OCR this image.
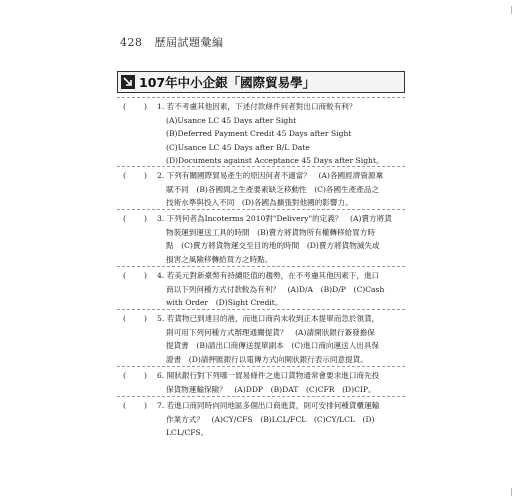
428 歷屆試題彙編
107年中小企銀「國際貿易學」
( ) 1. 若不考慮其他因素，下述付款條件何者對出口商較有利？
(A)Usance LC 45 Days after Sight
(B)Deferred Payment Credit 45 Days after Sight
(C)Usance LC 45 Days after B/L Date
(D)Documents against Acceptance 45 Days after Sight。
( ) 2. 下列有關國際貿易產生的原因何者不適當？　(A)各國經濟資源稟
賦不同　(B)各國間之生產要素缺乏移動性　(C)各國生產產品之
技術水準與投入不同　(D)各國為擴張對他國的影響力。
( ) 3. 下列何者為Incoterms 2010對"Delivery"的定義？　(A)賣方將貨
物裝運到運送工具的時間　(B)賣方將貨物所有權轉移給買方時
點　(C)賣方將貨物運交至目的地的時間　(D)賣方將貨物滅失或
損害之風險移轉給買方之時點。
( ) 4. 若美元對新臺幣有持續貶值的趨勢，在不考慮其他因素下，進口
商以下列何種方式付款較為有利？　(A)D/A　(B)D/P　(C)Cash
with Order　(D)Sight Credit。
( ) 5. 若貨物已到達目的港，而進口商尚未收到正本提單而急於領貨，
則可用下列何種方式辦理通關提貨？　(A)請開狀銀行簽發擔保
提貨書　(B)請出口商傳送提單副本　(C)進口商向運送人出具保
證書　(D)請押匯銀行以電傳方式向開狀銀行表示同意提貨。
( ) 6. 開狀銀行對下列哪一貿易條件之進口貨物通常會要求進口商先投
保貨物運輸保險？　(A)DDP　(B)DAT　(C)CFR　(D)CIP。
( ) 7. 若進口商同時向同地區多個出口商進貨，則可安排何種貨櫃運輸
作業方式？　(A)CY/CFS　(B)LCL/FCL　(C)CY/LCL　(D)
LCL/CFS。
